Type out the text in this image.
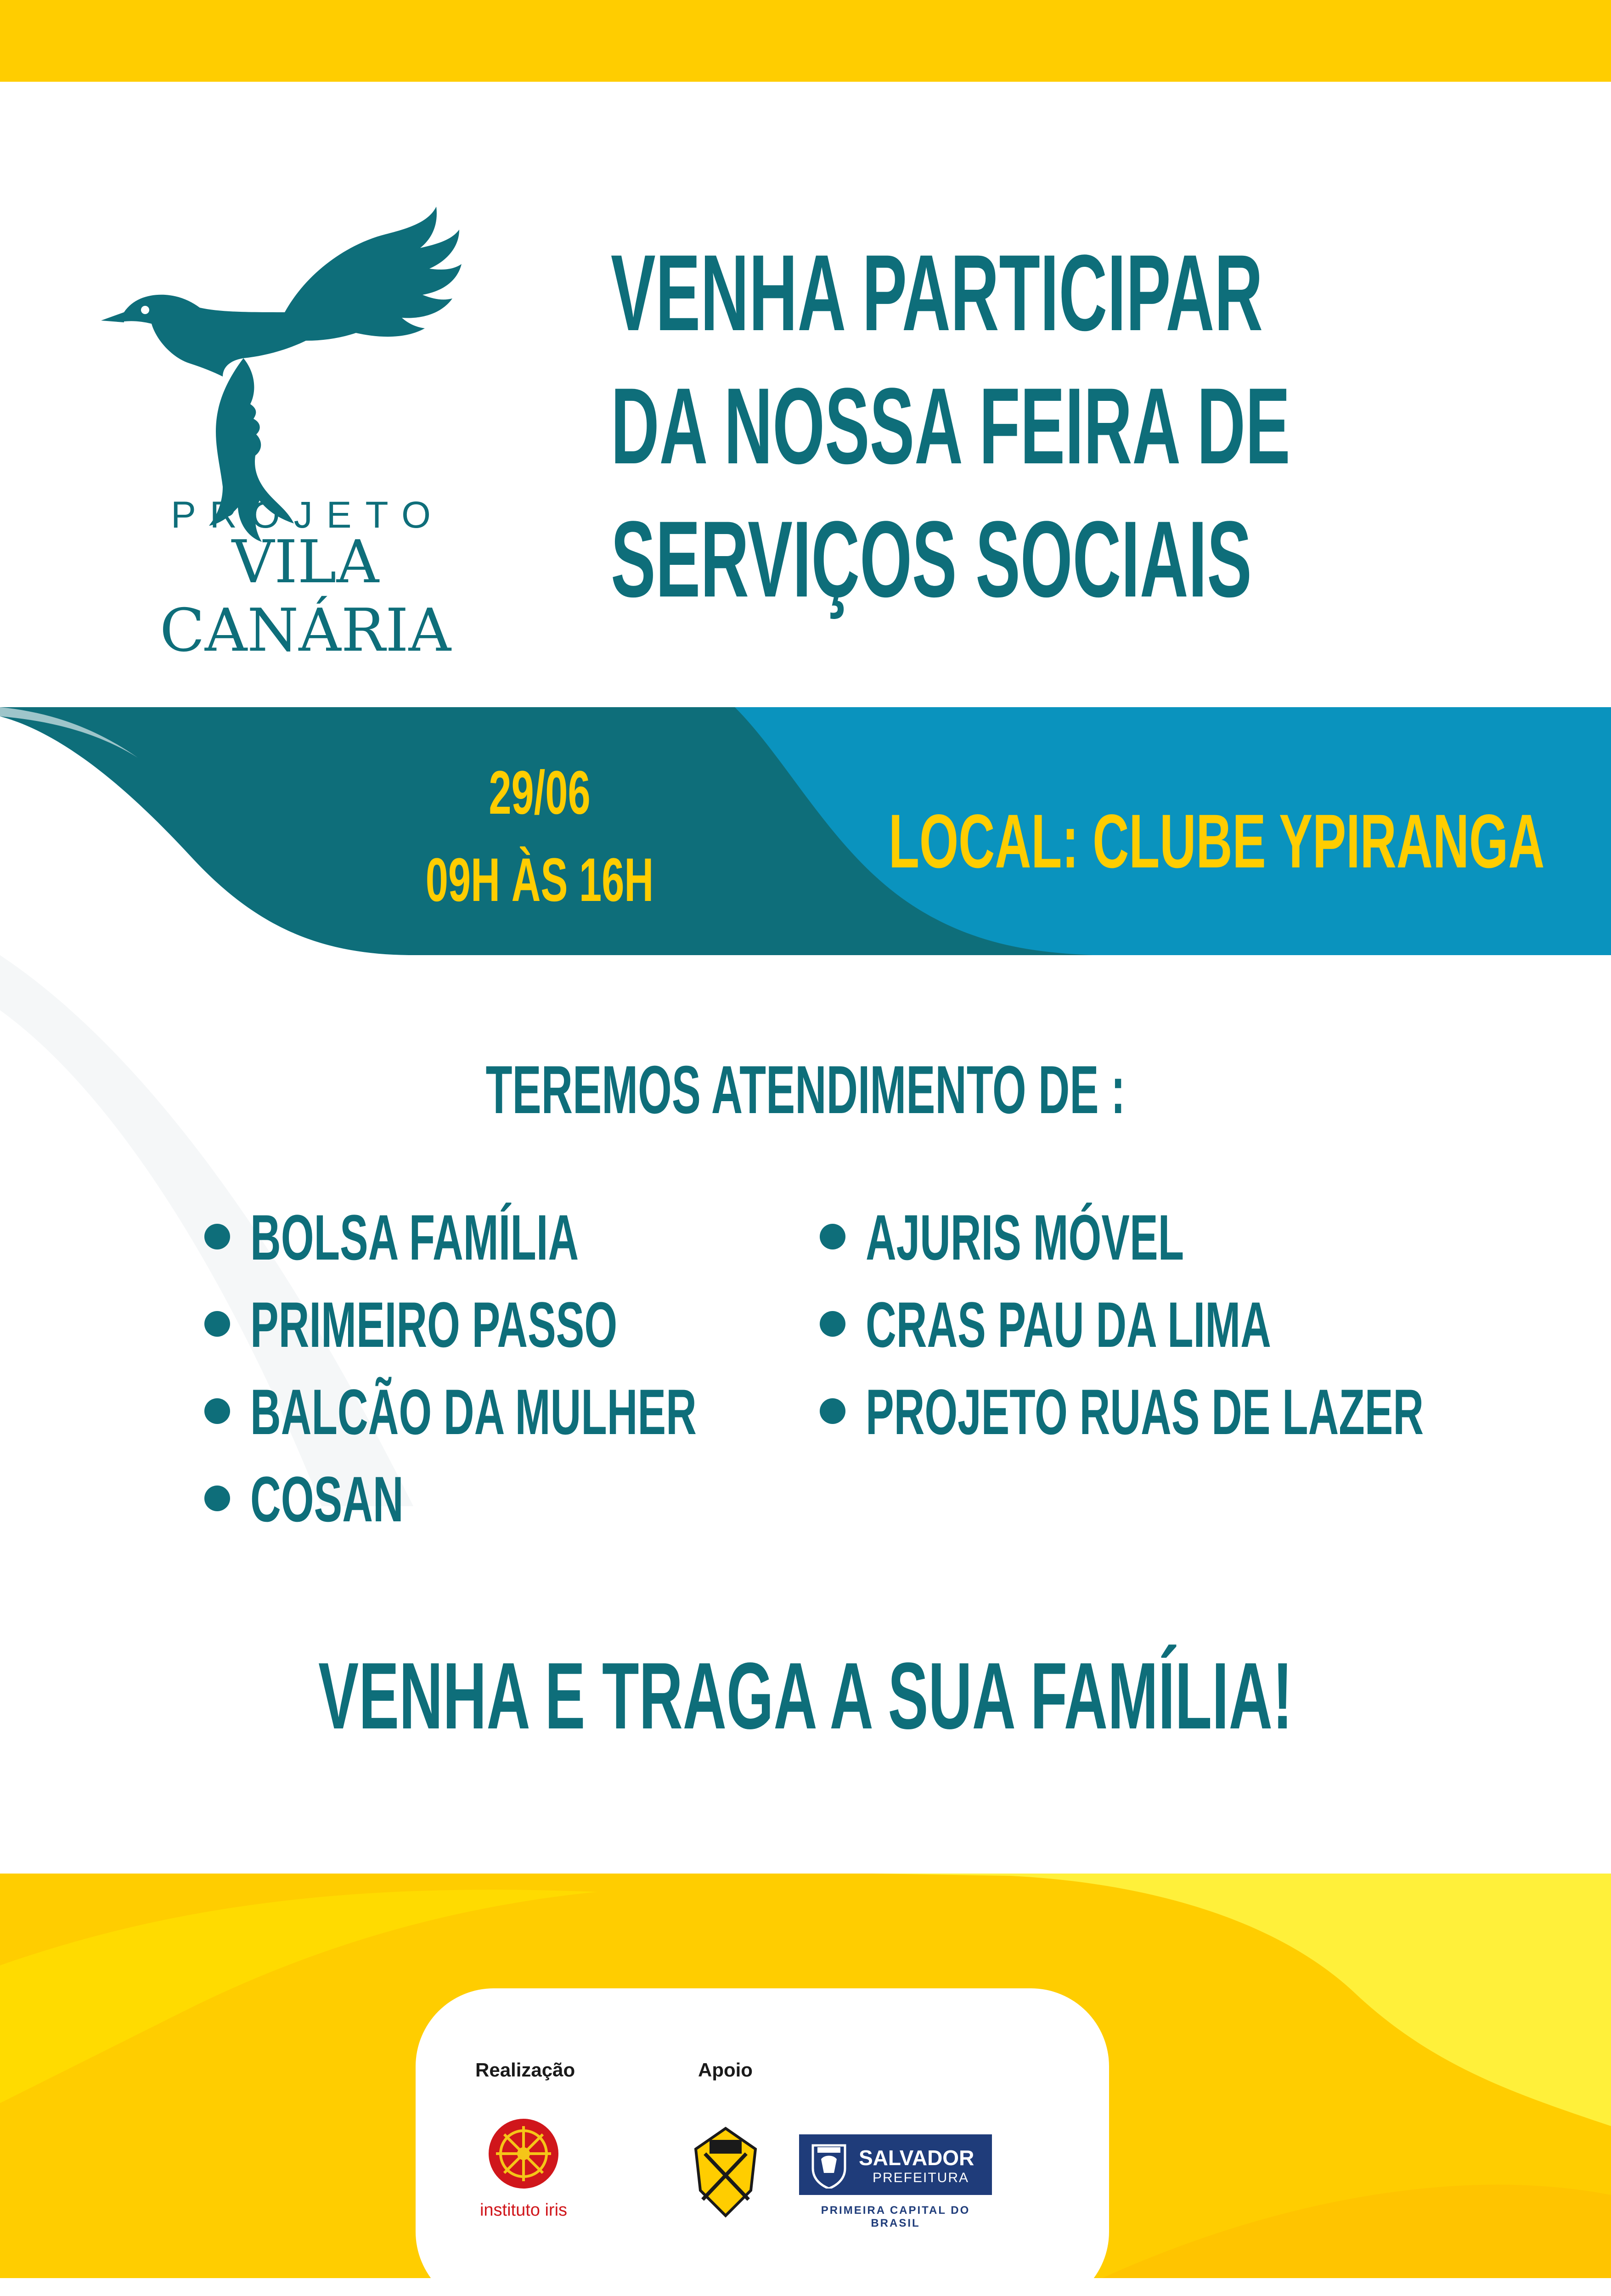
PROJETO
VILA CANÁRIA
VENHA PARTICIPAR
DA NOSSA FEIRA DE
SERVIÇOS SOCIAIS
29/06
09H ÀS 16H	LOCAL: CLUBE YPIRANGA
TEREMOS ATENDIMENTO DE :
BOLSA FAMÍLIA
PRIMEIRO PASSO
BALCÃO DA MULHER
COSAN
AJURIS MÓVEL
CRAS PAU DA LIMA
PROJETO RUAS DE LAZER
VENHA E TRAGA A SUA FAMÍLIA!
Realização	Apoio
instituto iris
SALVADOR
PREFEITURA
PRIMEIRA CAPITAL DO BRASIL
